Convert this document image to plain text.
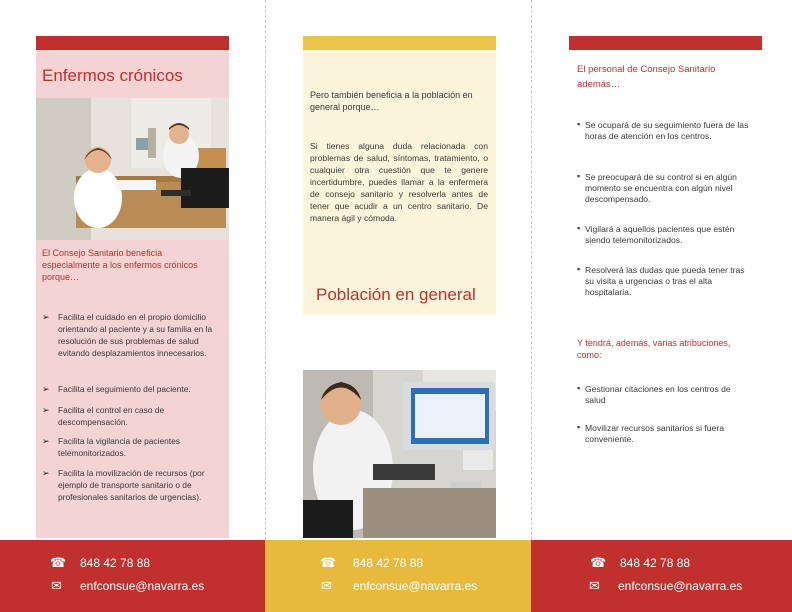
Enfermos crónicos
El Consejo Sanitario beneficia especialmente a los enfermos crónicos porque…
➢ Facilita el cuidado en el propio domicilio orientando al paciente y a su familia en la resolución de sus problemas de salud evitando desplazamientos innecesarios.
➢ Facilita el seguimiento del paciente.
➢ Facilita el control en caso de descompensación.
➢ Facilita la vigilancia de pacientes telemonitorizados.
➢ Facilita la movilización de recursos (por ejemplo de transporte sanitario o de profesionales sanitarios de urgencias).
Pero también beneficia a la población en general porque…
Si tienes alguna duda relacionada con problemas de salud, síntomas, tratamiento, o cualquier otra cuestión que te genere incertidumbre, puedes llamar a la enfermera de consejo sanitario y resolverla antes de tener que acudir a un centro sanitario. De manera ágil y cómoda.
Población en general
El personal de Consejo Sanitario además…
▪ Se ocupará de su seguimiento fuera de las horas de atención en los centros.
▪ Se preocupará de su control si en algún momento se encuentra con algún nivel descompensado.
▪ Vigilará a aquellos pacientes que estén siendo telemonitorizados.
▪ Resolverá las dudas que pueda tener tras su visita a urgencias o tras el alta hospitalaria.
Y tendrá, además, varias atribuciones, como:
▪ Gestionar citaciones en los centros de salud
▪ Movilizar recursos sanitarios si fuera conveniente.
☎ 848 42 78 88
✉ enfconsue@navarra.es
☎ 848 42 78 88
✉ enfconsue@navarra.es
☎ 848 42 78 88
✉ enfconsue@navarra.es
